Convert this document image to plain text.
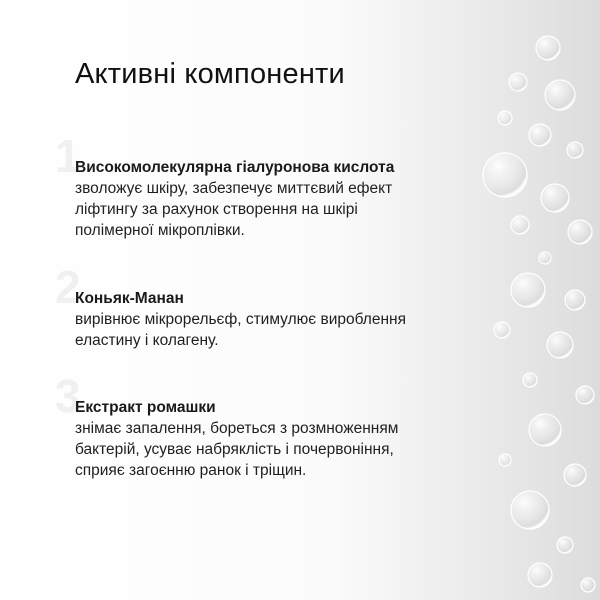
Активні компоненти
1
Високомолекулярна гіалуронова кислота
зволожує шкіру, забезпечує миттєвий ефект
ліфтингу за рахунок створення на шкірі
полімерної мікроплівки.
2
Коньяк-Манан
вирівнює мікрорельєф, стимулює вироблення
еластину і колагену.
3
Екстракт ромашки
знімає запалення, бореться з розмноженням
бактерій, усуває набряклість і почервоніння,
сприяє загоєнню ранок і тріщин.
